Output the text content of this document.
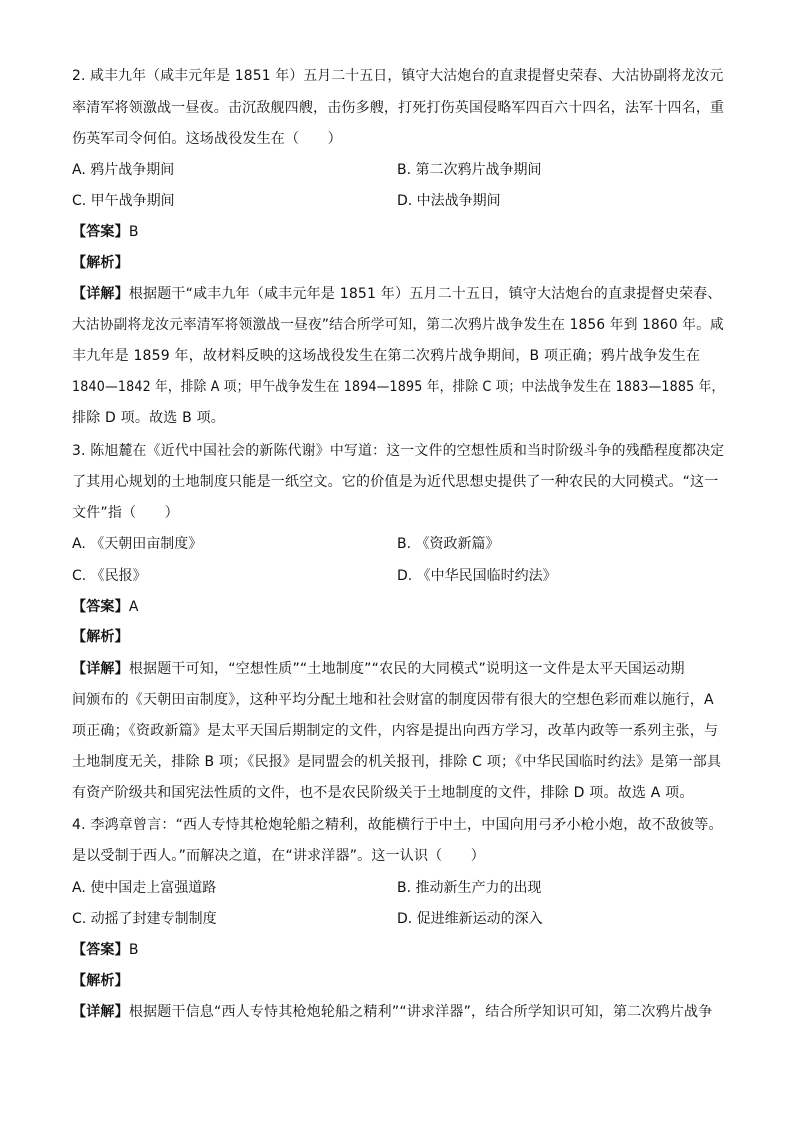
2. 咸丰九年（咸丰元年是 1851 年）五月二十五日，镇守大沽炮台的直隶提督史荣春、大沽协副将龙汝元
率清军将领激战一昼夜。击沉敌舰四艘，击伤多艘，打死打伤英国侵略军四百六十四名，法军十四名，重
伤英军司令何伯。这场战役发生在（　　）
A. 鸦片战争期间	B. 第二次鸦片战争期间
C. 甲午战争期间	D. 中法战争期间
【答案】B
【解析】
【详解】根据题干“咸丰九年（咸丰元年是 1851 年）五月二十五日，镇守大沽炮台的直隶提督史荣春、
大沽协副将龙汝元率清军将领激战一昼夜”结合所学可知，第二次鸦片战争发生在 1856 年到 1860 年。咸
丰九年是 1859 年，故材料反映的这场战役发生在第二次鸦片战争期间，B 项正确；鸦片战争发生在
1840—1842 年，排除 A 项；甲午战争发生在 1894—1895 年，排除 C 项；中法战争发生在 1883—1885 年，
排除 D 项。故选 B 项。
3. 陈旭麓在《近代中国社会的新陈代谢》中写道：这一文件的空想性质和当时阶级斗争的残酷程度都决定
了其用心规划的土地制度只能是一纸空文。它的价值是为近代思想史提供了一种农民的大同模式。“这一
文件”指（　　）
A. 《天朝田亩制度》	B. 《资政新篇》
C. 《民报》	D. 《中华民国临时约法》
【答案】A
【解析】
【详解】根据题干可知，“空想性质”“土地制度”“农民的大同模式”说明这一文件是太平天国运动期
间颁布的《天朝田亩制度》，这种平均分配土地和社会财富的制度因带有很大的空想色彩而难以施行，A
项正确；《资政新篇》是太平天国后期制定的文件，内容是提出向西方学习，改革内政等一系列主张，与
土地制度无关，排除 B 项；《民报》是同盟会的机关报刊，排除 C 项；《中华民国临时约法》是第一部具
有资产阶级共和国宪法性质的文件，也不是农民阶级关于土地制度的文件，排除 D 项。故选 A 项。
4. 李鸿章曾言：“西人专恃其枪炮轮船之精利，故能横行于中土，中国向用弓矛小枪小炮，故不敌彼等。
是以受制于西人。”而解决之道，在“讲求洋器”。这一认识（　　）
A. 使中国走上富强道路	B. 推动新生产力的出现
C. 动摇了封建专制制度	D. 促进维新运动的深入
【答案】B
【解析】
【详解】根据题干信息“西人专恃其枪炮轮船之精利”“讲求洋器”，结合所学知识可知，第二次鸦片战争
